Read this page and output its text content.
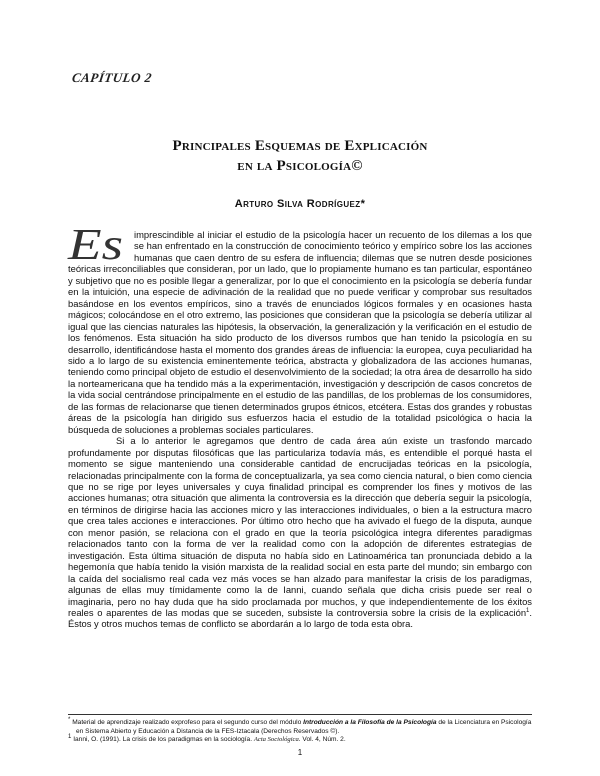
CAPÍTULO 2
Principales Esquemas de Explicación
en la Psicología©
Arturo Silva Rodríguez*

Es	imprescindible al iniciar el estudio de la psicología hacer un recuento de los dilemas a los que se han enfrentado en la construcción de conocimiento teórico y empírico sobre los las acciones humanas que caen dentro de su esfera de influencia; dilemas que se nutren desde posiciones teóricas irreconciliables que consideran, por un lado, que lo propiamente humano es tan particular, espontáneo y subjetivo que no es posible llegar a generalizar, por lo que el conocimiento en la psicología se debería fundar en la intuición, una especie de adivinación de la realidad que no puede verificar y comprobar sus resultados basándose en los eventos empíricos, sino a través de enunciados lógicos formales y en ocasiones hasta mágicos; colocándose en el otro extremo, las posiciones que consideran que la psicología se debería utilizar al igual que las ciencias naturales las hipótesis, la observación, la generalización y la verificación en el estudio de los fenómenos. Esta situación ha sido producto de los diversos rumbos que han tenido la psicología en su desarrollo, identificándose hasta el momento dos grandes áreas de influencia: la europea, cuya peculiaridad ha sido a lo largo de su existencia eminentemente teórica, abstracta y globalizadora de las acciones humanas, teniendo como principal objeto de estudio el desenvolvimiento de la sociedad; la otra área de desarrollo ha sido la norteamericana que ha tendido más a la experimentación, investigación y descripción de casos concretos de la vida social centrándose principalmente en el estudio de las pandillas, de los problemas de los consumidores, de las formas de relacionarse que tienen determinados grupos étnicos, etcétera. Estas dos grandes y robustas áreas de la psicología han dirigido sus esfuerzos hacia el estudio de la totalidad psicológica o hacia la búsqueda de soluciones a problemas sociales particulares.

Si a lo anterior le agregamos que dentro de cada área aún existe un trasfondo marcado profundamente por disputas filosóficas que las particulariza todavía más, es entendible el porqué hasta el momento se sigue manteniendo una considerable cantidad de encrucijadas teóricas en la psicología, relacionadas principalmente con la forma de conceptualizarla, ya sea como ciencia natural, o bien como ciencia que no se rige por leyes universales y cuya finalidad principal es comprender los fines y motivos de las acciones humanas; otra situación que alimenta la controversia es la dirección que debería seguir la psicología, en términos de dirigirse hacia las acciones micro y las interacciones individuales, o bien a la estructura macro que crea tales acciones e interacciones. Por último otro hecho que ha avivado el fuego de la disputa, aunque con menor pasión, se relaciona con el grado en que la teoría psicológica integra diferentes paradigmas relacionados tanto con la forma de ver la realidad como con la adopción de diferentes estrategias de investigación. Esta última situación de disputa no había sido en Latinoamérica tan pronunciada debido a la hegemonía que había tenido la visión marxista de la realidad social en esta parte del mundo; sin embargo con la caída del socialismo real cada vez más voces se han alzado para manifestar la crisis de los paradigmas, algunas de ellas muy tímidamente como la de Ianni, cuando señala que dicha crisis puede ser real o imaginaria, pero no hay duda que ha sido proclamada por muchos, y que independientemente de los éxitos reales o aparentes de las modas que se suceden, subsiste la controversia sobre la crisis de la explicación$^1$. Éstos y otros muchos temas de conflicto se abordarán a lo largo de toda esta obra.

* Material de aprendizaje realizado exprofeso para el segundo curso del módulo Introducción a la Filosofía de la Psicología de la Licenciatura en Psicología en Sistema Abierto y Educación a Distancia de la FES-Iztacala (Derechos Reservados ©).

$^1$ Ianni, O. (1991). La crisis de los paradigmas en la sociología. Acta Sociológica. Vol. 4, Núm. 2.

1
